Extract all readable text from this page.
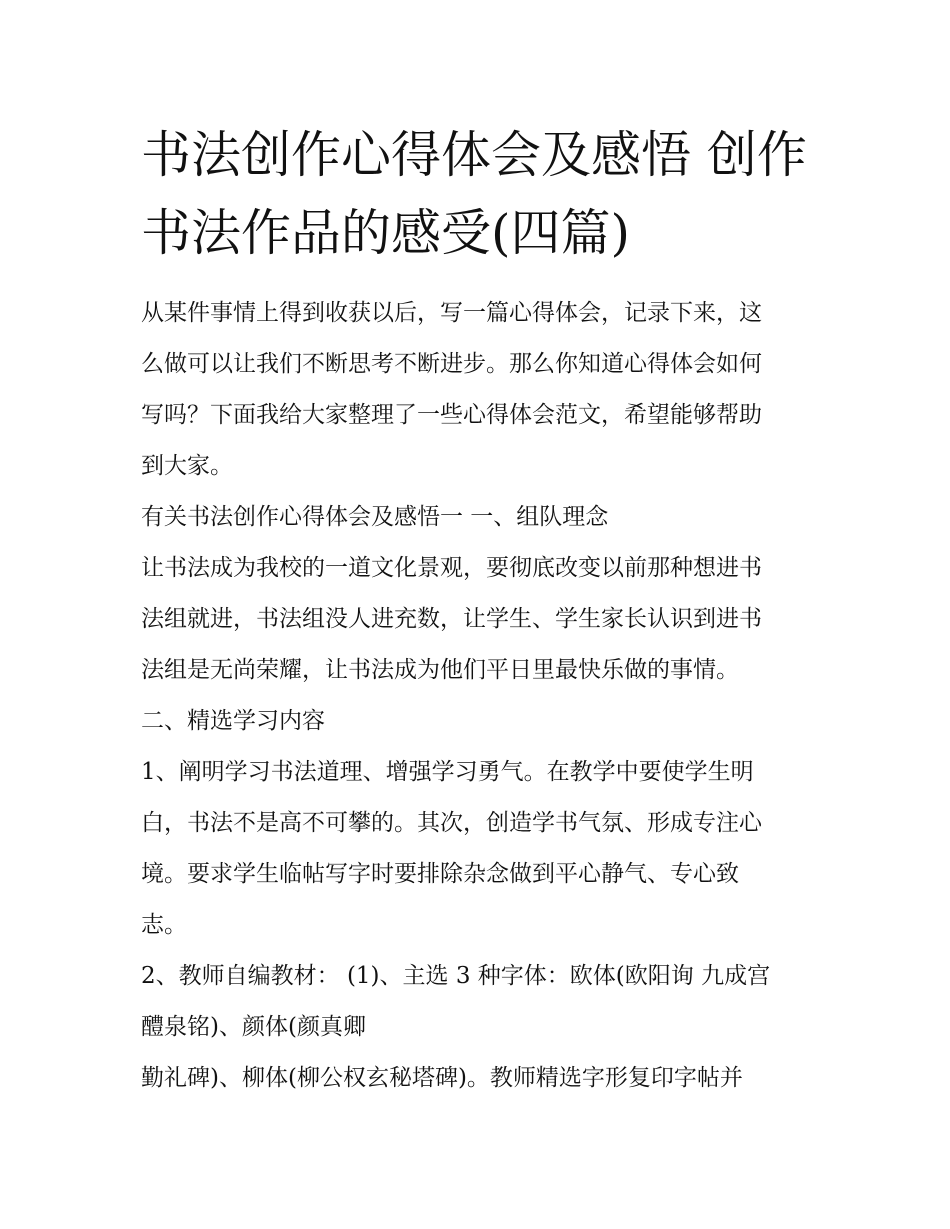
书法创作心得体会及感悟 创作
书法作品的感受(四篇)

从某件事情上得到收获以后，写一篇心得体会，记录下来，这
么做可以让我们不断思考不断进步。那么你知道心得体会如何
写吗？下面我给大家整理了一些心得体会范文，希望能够帮助
到大家。

有关书法创作心得体会及感悟一 一、组队理念

让书法成为我校的一道文化景观，要彻底改变以前那种想进书
法组就进，书法组没人进充数，让学生、学生家长认识到进书
法组是无尚荣耀，让书法成为他们平日里最快乐做的事情。

二、精选学习内容

1、阐明学习书法道理、增强学习勇气。在教学中要使学生明
白，书法不是高不可攀的。其次，创造学书气氛、形成专注心
境。要求学生临帖写字时要排除杂念做到平心静气、专心致
志。

2、教师自编教材： (1)、主选 3 种字体：欧体(欧阳询 九成宫
醴泉铭)、颜体(颜真卿

勤礼碑)、柳体(柳公权玄秘塔碑)。教师精选字形复印字帖并
